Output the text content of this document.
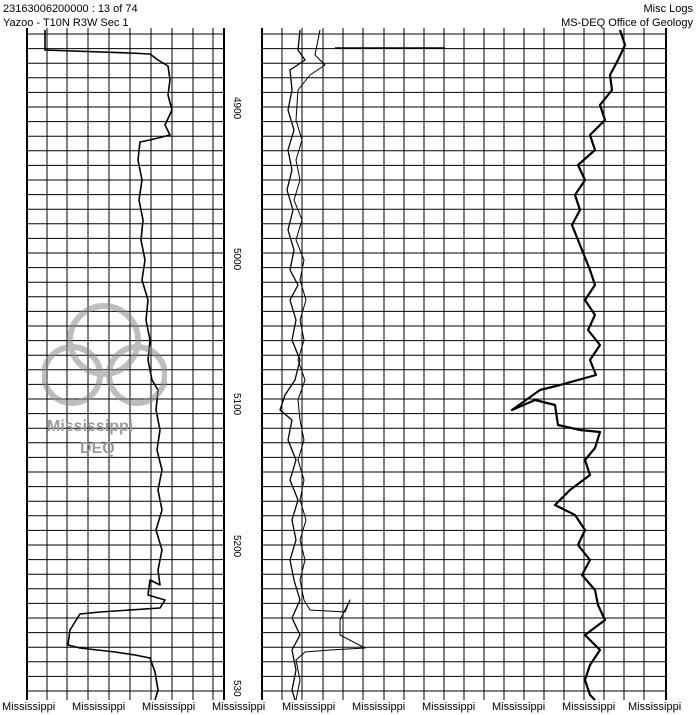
23163006200000 : 13 of 74
Yazoo - T10N R3W Sec 1
Misc Logs
MS-DEQ Office of Geology
4900
5000
5100
5200
530
Mississippi
DEQ
Mississippi Mississippi Mississippi Mississippi Mississippi Mississippi Mississippi Mississippi Mississippi Mississippi
